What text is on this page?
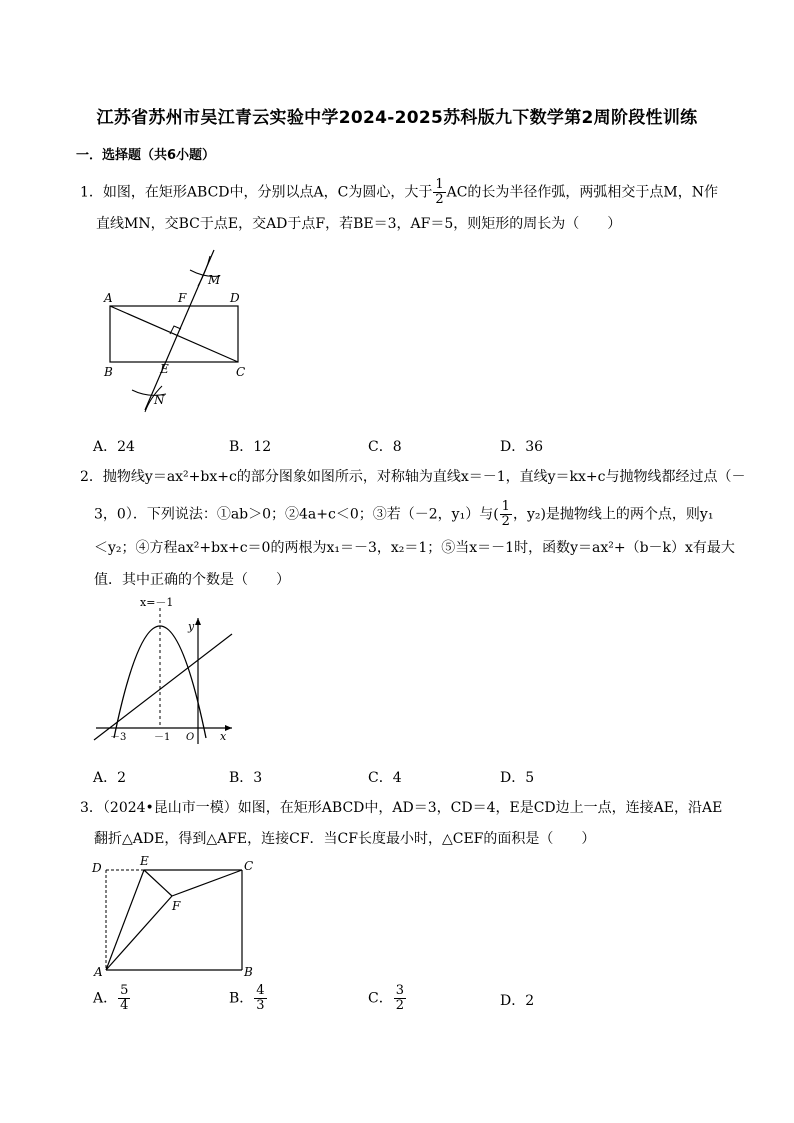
江苏省苏州市吴江青云实验中学2024-2025苏科版九下数学第2周阶段性训练
一．选择题（共6小题）
1．如图，在矩形ABCD中，分别以点A，C为圆心，大于 $\frac{1}{2}$ AC的长为半径作弧，两弧相交于点M，N作
直线MN，交BC于点E，交AD于点F，若BE＝3，AF＝5，则矩形的周长为（　　）
A	F	D
B	E	C
M
N
A．24	B．12	C．8	D．36
2．抛物线y＝ax²+bx+c的部分图象如图所示，对称轴为直线x＝－1，直线y＝kx+c与抛物线都经过点（－
3，0）．下列说法：①ab＞0；②4a+c＜0；③若（－2，y₁）与( $\frac{1}{2}$ ，y₂)是抛物线上的两个点，则y₁
＜y₂；④方程ax²+bx+c＝0的两根为x₁＝－3，x₂＝1；⑤当x＝－1时，函数y＝ax²+（b－k）x有最大
值．其中正确的个数是（　　）
x=－1
y
x
－3	－1 O
A．2	B．3	C．4	D．5
3．（2024•昆山市一模）如图，在矩形ABCD中，AD＝3，CD＝4，E是CD边上一点，连接AE，沿AE
翻折△ADE，得到△AFE，连接CF．当CF长度最小时，△CEF的面积是（　　）
D	E	C
F
A	B
A． $\frac{5}{4}$	B． $\frac{4}{3}$	C． $\frac{3}{2}$	D．2
